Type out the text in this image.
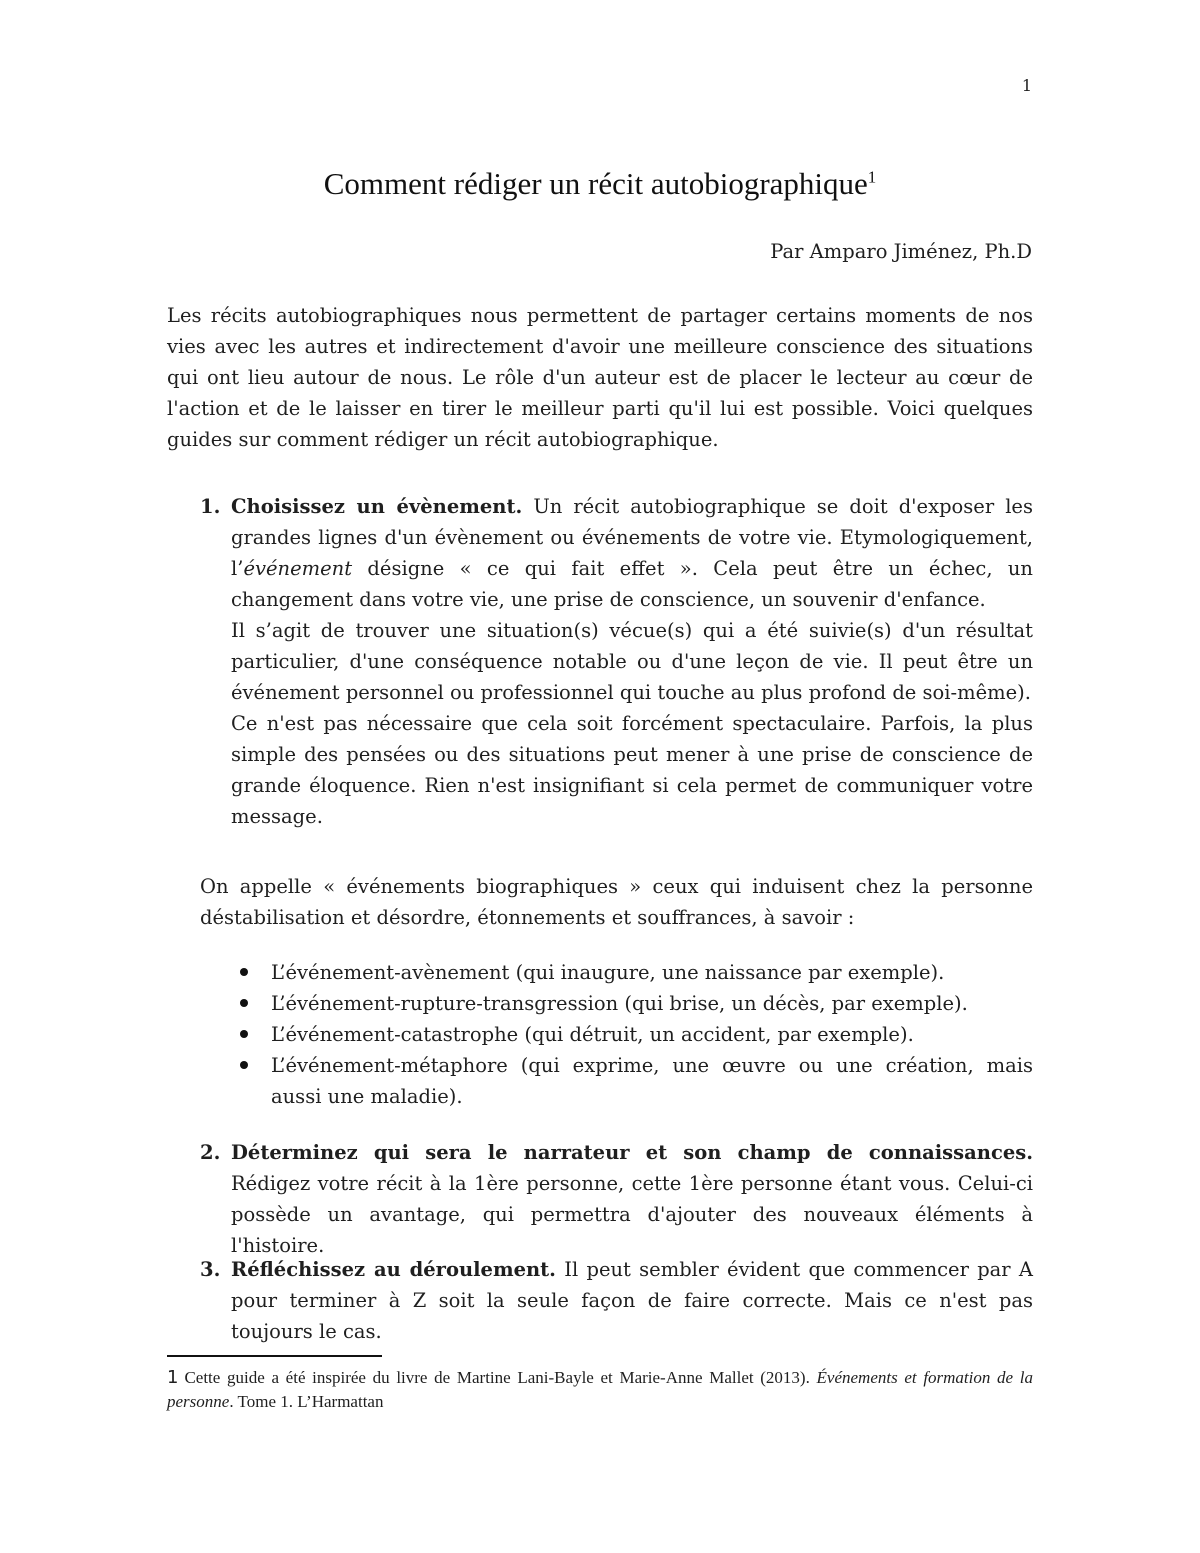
1
Comment rédiger un récit autobiographique$^1$
Par Amparo Jiménez, Ph.D
Les récits autobiographiques nous permettent de partager certains moments de nos vies avec les autres et indirectement d'avoir une meilleure conscience des situations qui ont lieu autour de nous. Le rôle d'un auteur est de placer le lecteur au cœur de l'action et de le laisser en tirer le meilleur parti qu'il lui est possible. Voici quelques guides sur comment rédiger un récit autobiographique.
1. Choisissez un évènement. Un récit autobiographique se doit d'exposer les grandes lignes d'un évènement ou événements de votre vie. Etymologiquement, l’événement désigne « ce qui fait effet ». Cela peut être un échec, un changement dans votre vie, une prise de conscience, un souvenir d'enfance.

Il s’agit de trouver une situation(s) vécue(s) qui a été suivie(s) d'un résultat particulier, d'une conséquence notable ou d'une leçon de vie. Il peut être un événement personnel ou professionnel qui touche au plus profond de soi-même).

Ce n'est pas nécessaire que cela soit forcément spectaculaire. Parfois, la plus simple des pensées ou des situations peut mener à une prise de conscience de grande éloquence. Rien n'est insignifiant si cela permet de communiquer votre message.

On appelle « événements biographiques » ceux qui induisent chez la personne déstabilisation et désordre, étonnements et souffrances, à savoir :
L’événement-avènement (qui inaugure, une naissance par exemple).
L’événement-rupture-transgression (qui brise, un décès, par exemple).
L’événement-catastrophe (qui détruit, un accident, par exemple).
L’événement-métaphore (qui exprime, une œuvre ou une création, mais aussi une maladie).
2. Déterminez qui sera le narrateur et son champ de connaissances. Rédigez votre récit à la 1ère personne, cette 1ère personne étant vous. Celui-ci possède un avantage, qui permettra d'ajouter des nouveaux éléments à l'histoire.

3. Réfléchissez au déroulement. Il peut sembler évident que commencer par A pour terminer à Z soit la seule façon de faire correcte. Mais ce n'est pas toujours le cas.

1 Cette guide a été inspirée du livre de Martine Lani-Bayle et Marie-Anne Mallet (2013). Événements et formation de la personne. Tome 1. L’Harmattan
